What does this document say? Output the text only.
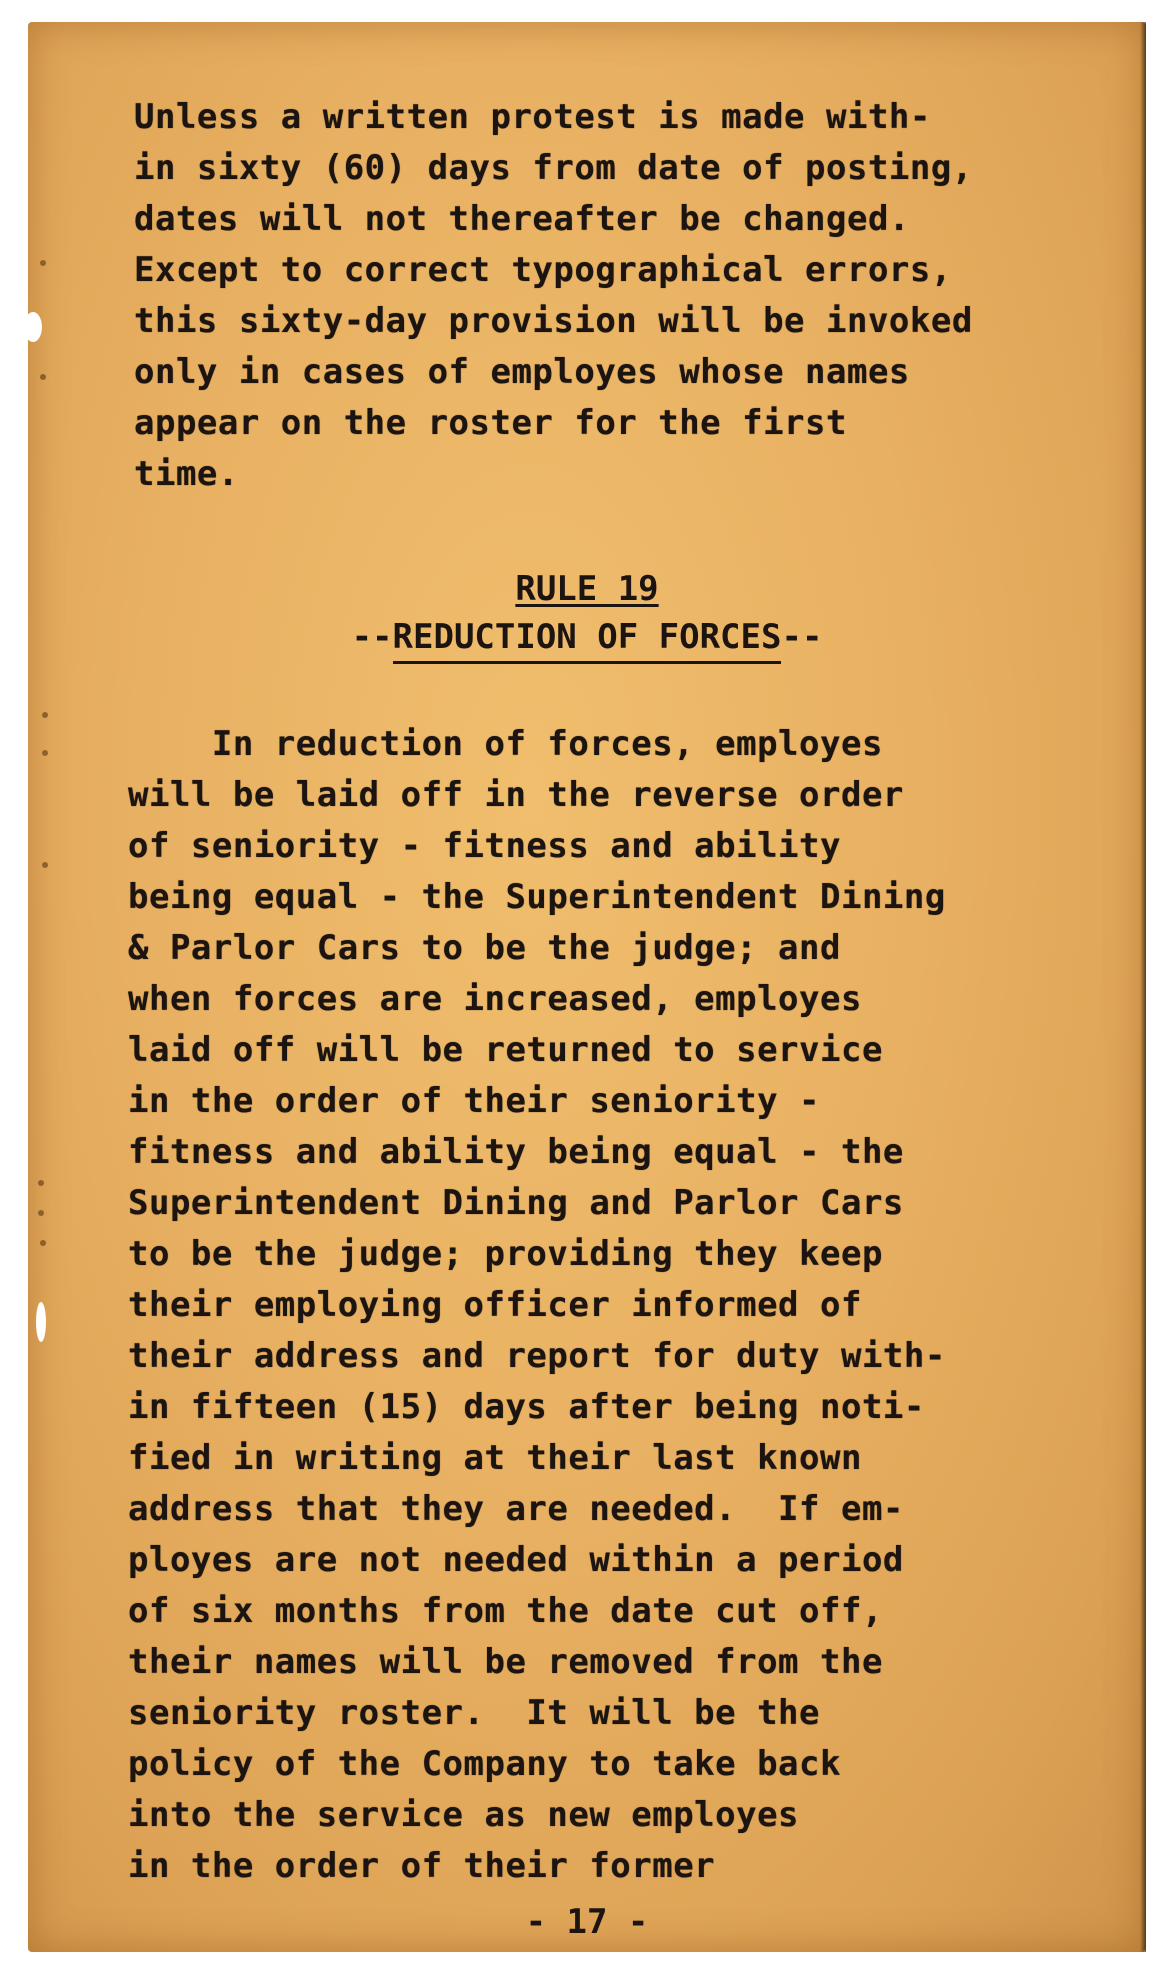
Unless a written protest is made with-
in sixty (60) days from date of posting,
dates will not thereafter be changed.
Except to correct typographical errors,
this sixty-day provision will be invoked
only in cases of employes whose names
appear on the roster for the first
time.
RULE 19
--REDUCTION OF FORCES--
In reduction of forces, employes
will be laid off in the reverse order
of seniority - fitness and ability
being equal - the Superintendent Dining
& Parlor Cars to be the judge; and
when forces are increased, employes
laid off will be returned to service
in the order of their seniority -
fitness and ability being equal - the
Superintendent Dining and Parlor Cars
to be the judge; providing they keep
their employing officer informed of
their address and report for duty with-
in fifteen (15) days after being noti-
fied in writing at their last known
address that they are needed.  If em-
ployes are not needed within a period
of six months from the date cut off,
their names will be removed from the
seniority roster.  It will be the
policy of the Company to take back
into the service as new employes
in the order of their former
- 17 -
